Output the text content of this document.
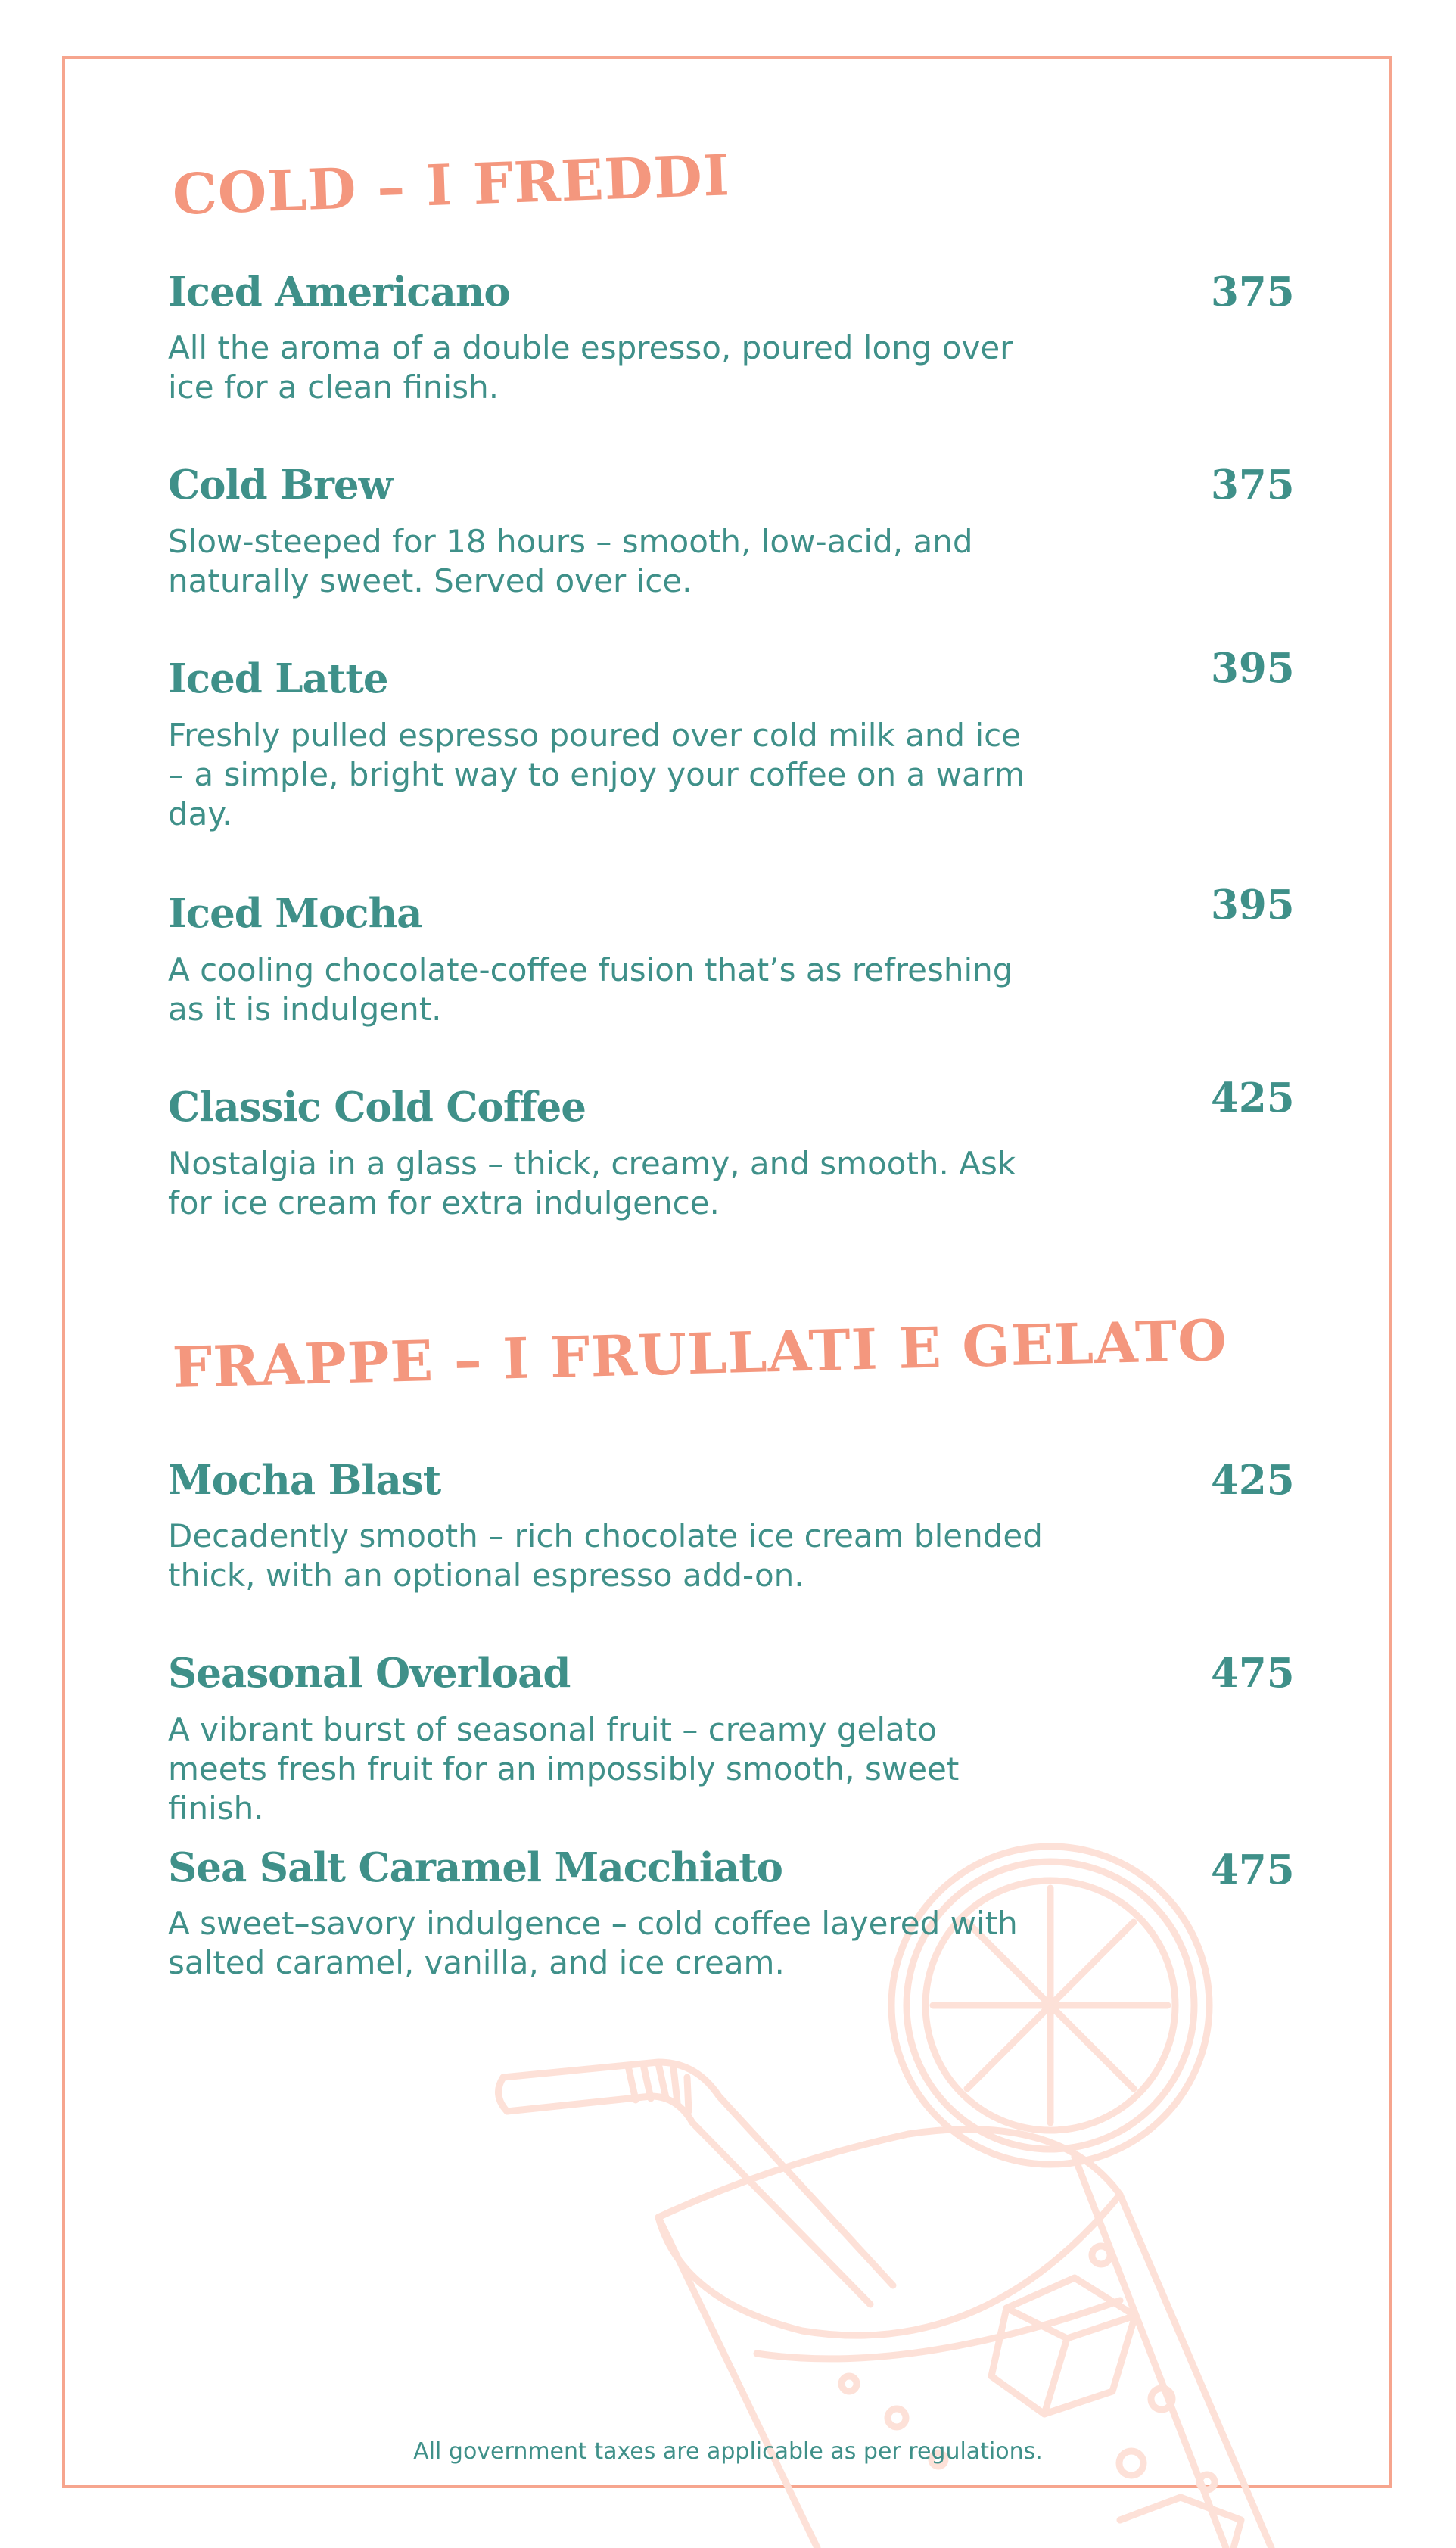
COLD – I FREDDI
Iced Americano	375

All the aroma of a double espresso, poured long over ice for a clean finish.

Cold Brew	375

Slow-steeped for 18 hours – smooth, low-acid, and naturally sweet. Served over ice.

Iced Latte	395

Freshly pulled espresso poured over cold milk and ice – a simple, bright way to enjoy your coffee on a warm day.

Iced Mocha	395

A cooling chocolate-coffee fusion that’s as refreshing as it is indulgent.

Classic Cold Coffee	425

Nostalgia in a glass – thick, creamy, and smooth. Ask for ice cream for extra indulgence.

FRAPPE – I FRULLATI E GELATO
Mocha Blast	425

Decadently smooth – rich chocolate ice cream blended thick, with an optional espresso add-on.

Seasonal Overload	475

A vibrant burst of seasonal fruit – creamy gelato meets fresh fruit for an impossibly smooth, sweet finish.

Sea Salt Caramel Macchiato	475

A sweet–savory indulgence – cold coffee layered with salted caramel, vanilla, and ice cream.

All government taxes are applicable as per regulations.
